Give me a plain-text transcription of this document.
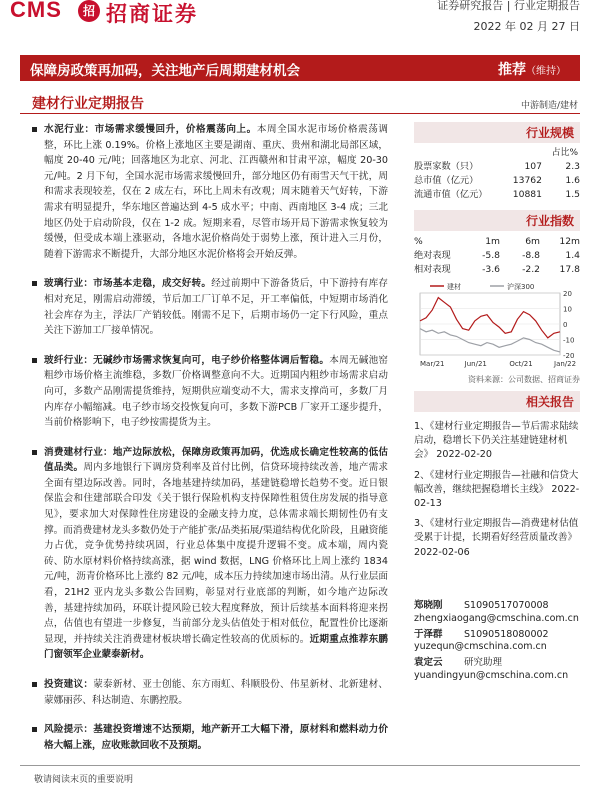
CMS	招 招商证券	证券研究报告 | 行业定期报告
2022 年 02 月 27 日
保障房政策再加码，关注地产后周期建材机会	推荐（维持）
建材行业定期报告	中游制造/建材

水泥行业：市场需求缓慢回升，价格震荡向上。本周全国水泥市场价格震荡调整，环比上涨 0.19%。价格上涨地区主要是湖南、重庆、贵州和湖北局部区域，幅度 20-40 元/吨；回落地区为北京、河北、江西赣州和甘肃平凉，幅度 20-30 元/吨。2 月下旬，全国水泥市场需求缓慢回升，部分地区仍有雨雪天气干扰，周和需求表现较差，仅在 2 成左右，环比上周未有改观；周末随着天气好转，下游需求有明显提升，华东地区普遍达到 4-5 成水平；中南、西南地区 3-4 成；三北地区仍处于启动阶段，仅在 1-2 成。短期来看，尽管市场开局下游需求恢复较为缓慢，但受成本端上涨驱动，各地水泥价格尚处于弱势上涨，预计进入三月份，随着下游需求不断提升，大部分地区水泥价格将会开始反弹。

玻璃行业：市场基本走稳，成交好转。经过前期中下游备货后，中下游持有库存相对充足，刚需启动滞缓，节后加工厂订单不足，开工率偏低，中短期市场消化社会库存为主，浮法厂产销较低。刚需不足下，后期市场仍一定下行风险，重点关注下游加工厂接单情况。

玻纤行业：无碱纱市场需求恢复向可，电子纱价格整体调后暂稳。本周无碱池窑粗纱市场价格主流维稳，多数厂价格调整意向不大。近期国内粗纱市场需求启动向可，多数产品刚需提货维持，短期供应端变动不大，需求支撑尚可，多数厂月内库存小幅缩减。电子纱市场交投恢复向可，多数下游PCB 厂家开工逐步提升，当前价格影响下，电子纱按需提货为主。

消费建材行业：地产边际放松，保障房政策再加码，优选成长确定性较高的低估值品类。周内多地银行下调房贷利率及首付比例，信贷环境持续改善，地产需求全面有望边际改善。同时，各地基建持续加码，基建链稳增长趋势不变。近日银保监会和住建部联合印发《关于银行保险机构支持保障性租赁住房发展的指导意见》，要求加大对保障性住房建设的金融支持力度，总体需求端长期韧性仍有支撑。而消费建材龙头多数仍处于产能扩张/品类拓展/渠道结构优化阶段，且融资能力占优，竞争优势持续巩固，行业总体集中度提升逻辑不变。成本端，周内瓷砖、防水原材料价格持续高涨，据 wind 数据，LNG 价格环比上周上涨约 1834 元/吨，沥青价格环比上涨约 82 元/吨，成本压力持续加速市场出清。从行业层面看，21H2 亚内龙头多数公告回购，彰显对行业底部的判断，如今地产边际改善，基建持续加码，环联计提风险已较大程度释放，预计后续基本面料将迎来拐点，估值也有望进一步修复，当前部分龙头估值处于相对低位，配置性价比逐渐显现，并持续关注消费建材板块增长确定性较高的优质标的。近期重点推荐东鹏门窗领军企业蒙泰新材。

投资建议：蒙泰新材、亚士创能、东方雨虹、科顺股份、伟星新材、北新建材、蒙娜丽莎、科达制造、东鹏控股。

风险提示：基建投资增速不达预期，地产新开工大幅下滑，原材料和燃料动力价格大幅上涨，应收账款回收不及预期。

行业规模
占比%
股票家数（只）	107	2.3
总市值（亿元）	13762	1.6
流通市值（亿元）	10881	1.5
行业指数
%	1m	6m	12m
绝对表现	-5.8	-8.8	1.4
相对表现	-3.6	-2.2	17.8
20
10
0
-10
-20
Mar/21	Jun/21	Oct/21	Jan/22
建材	沪深300
资料来源：公司数据、招商证券
相关报告
1、《建材行业定期报告—节后需求陆续启动，稳增长下仍关注基建链建材机会》 2022-02-20
2、《建材行业定期报告—社融和信贷大幅改善，继续把握稳增长主线》 2022-02-13
3、《建材行业定期报告—消费建材估值受累于计提，长期看好经营质量改善》 2022-02-06
郑晓刚	S1090517070008
zhengxiaogang@cmschina.com.cn
于泽群	S1090518080002
yuzequn@cmschina.com.cn
袁定云	研究助理
yuandingyun@cmschina.com.cn
敬请阅读末页的重要说明
